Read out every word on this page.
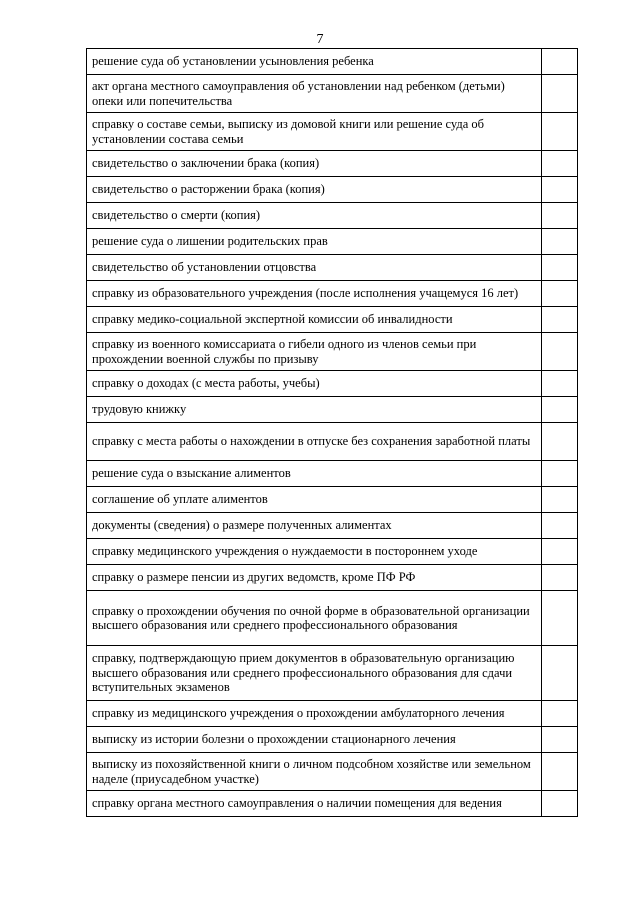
7
решение суда об установлении усыновления ребенка	
акт органа местного самоуправления об установлении над ребенком (детьми) опеки или попечительства	
справку о составе семьи, выписку из домовой книги или решение суда об установлении состава семьи	
свидетельство о заключении брака (копия)	
свидетельство о расторжении брака (копия)	
свидетельство о смерти (копия)	
решение суда о лишении родительских прав	
свидетельство об установлении отцовства	
справку из образовательного учреждения (после исполнения учащемуся 16 лет)	
справку медико-социальной экспертной комиссии об инвалидности	
справку из военного комиссариата о гибели одного из членов семьи при прохождении военной службы по призыву	
справку о доходах (с места работы, учебы)	
трудовую книжку	
справку с места работы о нахождении в отпуске без сохранения заработной платы	
решение суда о взыскание алиментов	
соглашение об уплате алиментов	
документы (сведения) о размере полученных алиментах	
справку медицинского учреждения о нуждаемости в постороннем уходе	
справку о размере пенсии из других ведомств, кроме ПФ РФ	
справку о прохождении обучения по очной форме в образовательной организации высшего образования или среднего профессионального образования	
справку, подтверждающую прием документов в образовательную организацию высшего образования или среднего профессионального образования для сдачи вступительных экзаменов	
справку из медицинского учреждения о прохождении амбулаторного лечения	
выписку из истории болезни о прохождении стационарного лечения	
выписку из похозяйственной книги о личном подсобном хозяйстве или земельном наделе (приусадебном участке)	
справку органа местного самоуправления о наличии помещения для ведения	
